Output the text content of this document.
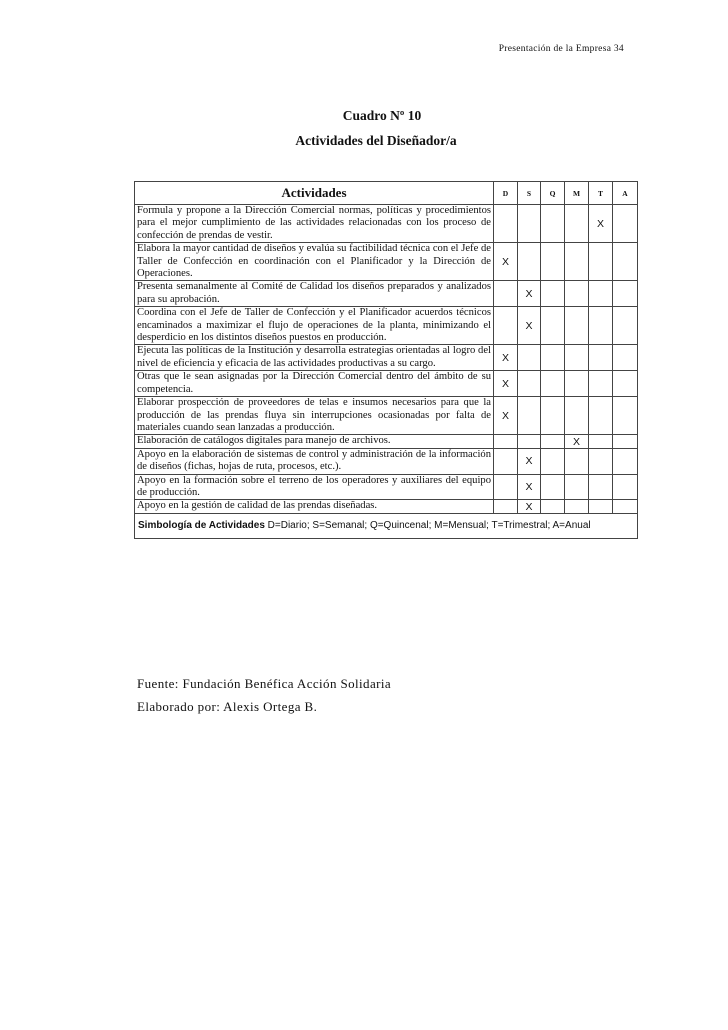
Presentación de la Empresa 34
Cuadro Nº 10
Actividades del Diseñador/a
Actividades	D	S	Q	M	T	A
Formula y propone a la Dirección Comercial normas, políticas y procedimientos para el mejor cumplimiento de las actividades relacionadas con los proceso de confección de prendas de vestir.					X	
Elabora la mayor cantidad de diseños y evalúa su factibilidad técnica con el Jefe de Taller de Confección en coordinación con el Planificador y la Dirección de Operaciones.	X					
Presenta semanalmente al Comité de Calidad los diseños preparados y analizados para su aprobación.		X				
Coordina con el Jefe de Taller de Confección y el Planificador acuerdos técnicos encaminados a maximizar el flujo de operaciones de la planta, minimizando el desperdicio en los distintos diseños puestos en producción.		X				
Ejecuta las políticas de la Institución y desarrolla estrategias orientadas al logro del nivel de eficiencia y eficacia de las actividades productivas a su cargo.	X					
Otras que le sean asignadas por la Dirección Comercial dentro del ámbito de su competencia.	X					
Elaborar prospección de proveedores de telas e insumos necesarios para que la producción de las prendas fluya sin interrupciones ocasionadas por falta de materiales cuando sean lanzadas a producción.	X					
Elaboración de catálogos digitales para manejo de archivos.				X		
Apoyo en la elaboración de sistemas de control y administración de la información de diseños (fichas, hojas de ruta, procesos, etc.).		X				
Apoyo en la formación sobre el terreno de los operadores y auxiliares del equipo de producción.		X				
Apoyo en la gestión de calidad de las prendas diseñadas.		X				
Simbología de Actividades D=Diario; S=Semanal; Q=Quincenal; M=Mensual; T=Trimestral; A=Anual						
Fuente: Fundación Benéfica Acción Solidaria
Elaborado por: Alexis Ortega B.
